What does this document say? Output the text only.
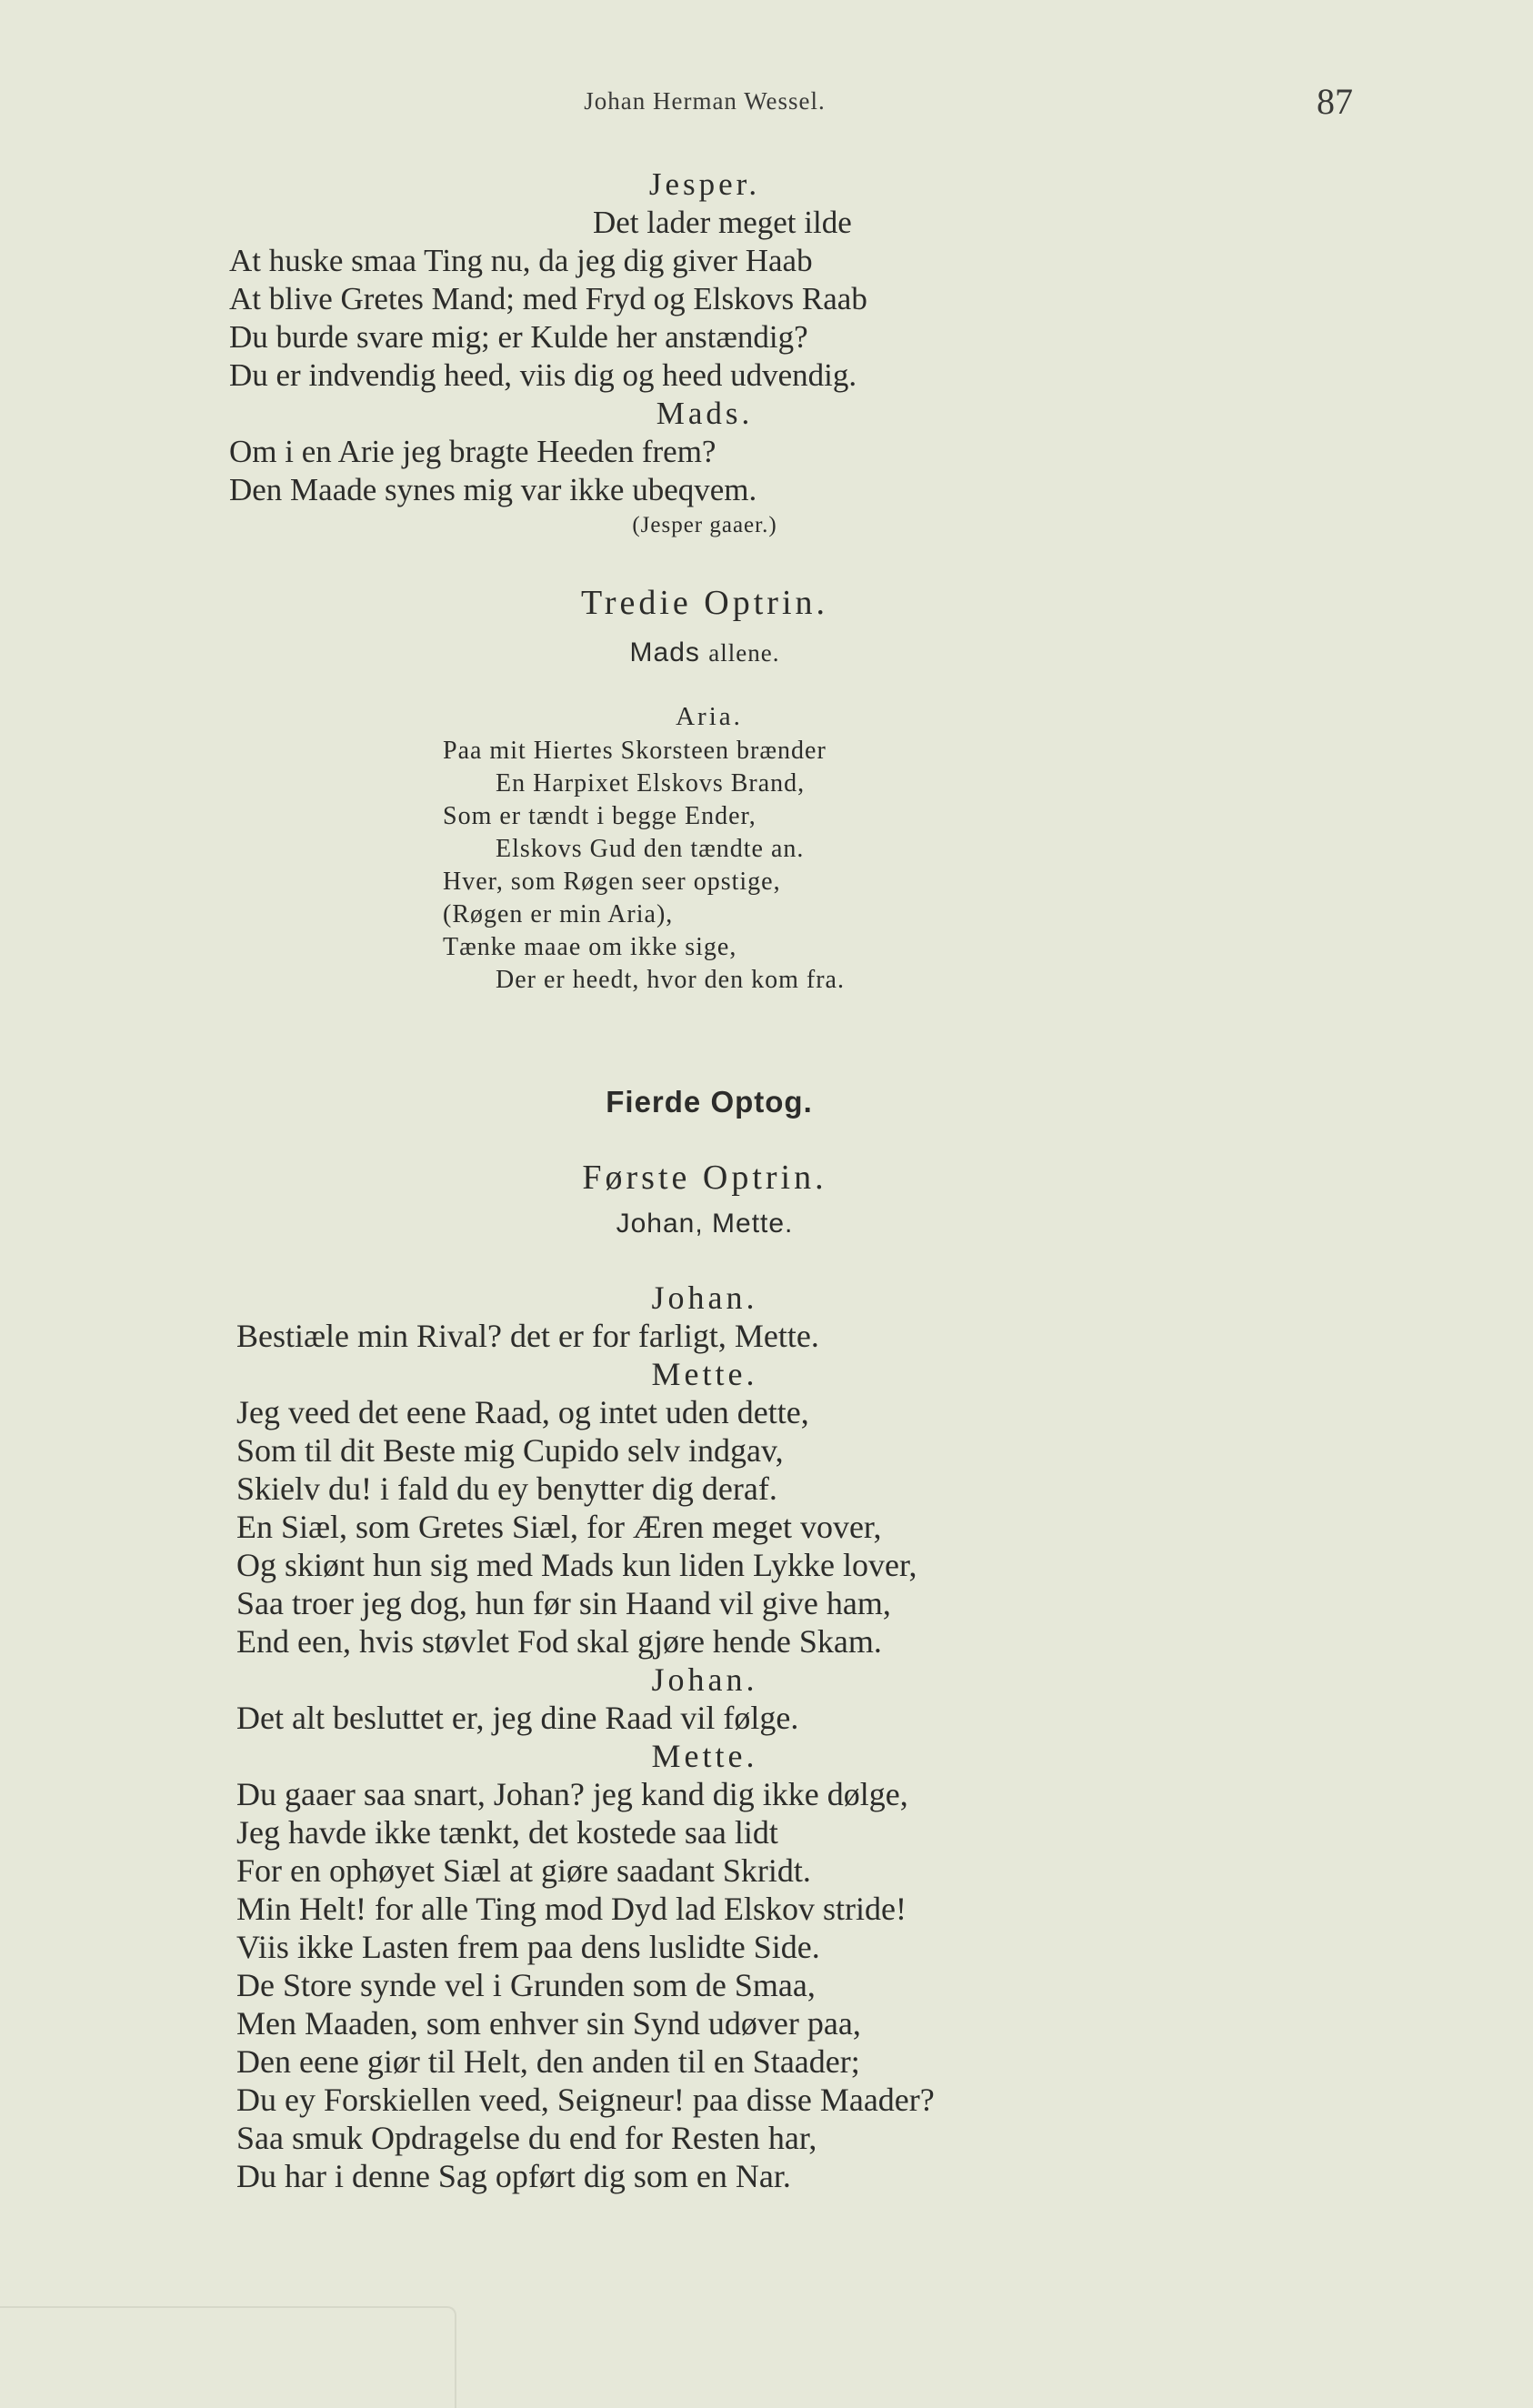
Johan Herman Wessel.	87
Jesper.
Det lader meget ilde
At huske smaa Ting nu, da jeg dig giver Haab
At blive Gretes Mand; med Fryd og Elskovs Raab
Du burde svare mig; er Kulde her anstændig?
Du er indvendig heed, viis dig og heed udvendig.
Mads.
Om i en Arie jeg bragte Heeden frem?
Den Maade synes mig var ikke ubeqvem.
(Jesper gaaer.)
Tredie Optrin.
Mads allene.
Aria.
Paa mit Hiertes Skorsteen brænder
En Harpixet Elskovs Brand,
Som er tændt i begge Ender,
Elskovs Gud den tændte an.
Hver, som Røgen seer opstige,
(Røgen er min Aria),
Tænke maae om ikke sige,
Der er heedt, hvor den kom fra.
Fierde Optog.
Første Optrin.
Johan, Mette.
Johan.
Bestiæle min Rival? det er for farligt, Mette.
Mette.
Jeg veed det eene Raad, og intet uden dette,
Som til dit Beste mig Cupido selv indgav,
Skielv du! i fald du ey benytter dig deraf.
En Siæl, som Gretes Siæl, for Æren meget vover,
Og skiønt hun sig med Mads kun liden Lykke lover,
Saa troer jeg dog, hun før sin Haand vil give ham,
End een, hvis støvlet Fod skal gjøre hende Skam.
Johan.
Det alt besluttet er, jeg dine Raad vil følge.
Mette.
Du gaaer saa snart, Johan? jeg kand dig ikke dølge,
Jeg havde ikke tænkt, det kostede saa lidt
For en ophøyet Siæl at giøre saadant Skridt.
Min Helt! for alle Ting mod Dyd lad Elskov stride!
Viis ikke Lasten frem paa dens luslidte Side.
De Store synde vel i Grunden som de Smaa,
Men Maaden, som enhver sin Synd udøver paa,
Den eene giør til Helt, den anden til en Staader;
Du ey Forskiellen veed, Seigneur! paa disse Maader?
Saa smuk Opdragelse du end for Resten har,
Du har i denne Sag opført dig som en Nar.
